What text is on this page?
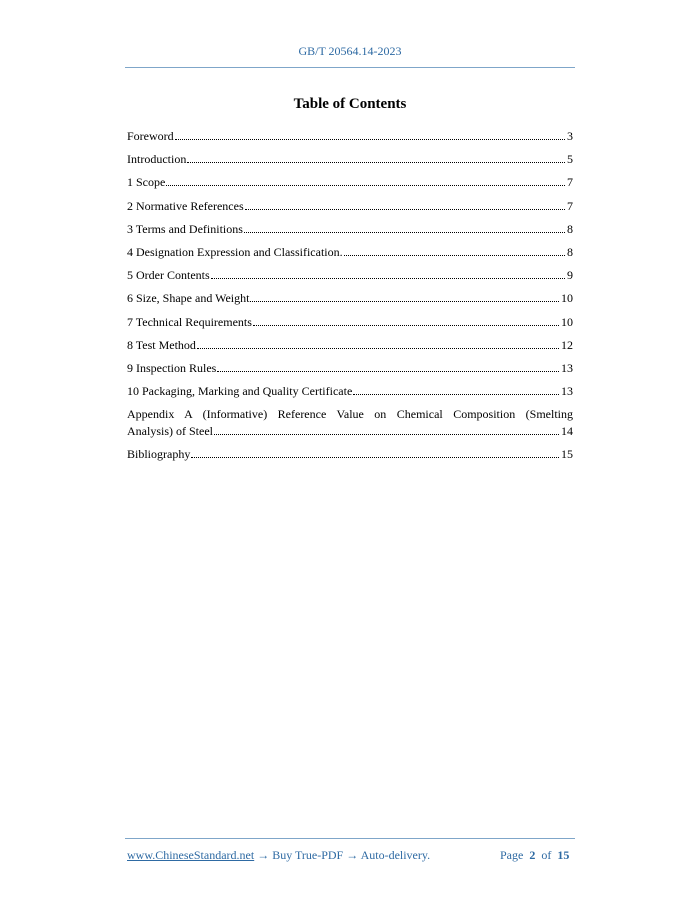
GB/T 20564.14-2023
Table of Contents
Foreword	3
Introduction	5
1 Scope	7
2 Normative References	7
3 Terms and Definitions	8
4 Designation Expression and Classification.	8
5 Order Contents	9
6 Size, Shape and Weight	10
7 Technical Requirements	10
8 Test Method	12
9 Inspection Rules	13
10 Packaging, Marking and Quality Certificate	13
Appendix A (Informative) Reference Value on Chemical Composition (Smelting
Analysis) of Steel	14
Bibliography	15
www.ChineseStandard.net → Buy True-PDF → Auto-delivery.	Page 2 of 15
